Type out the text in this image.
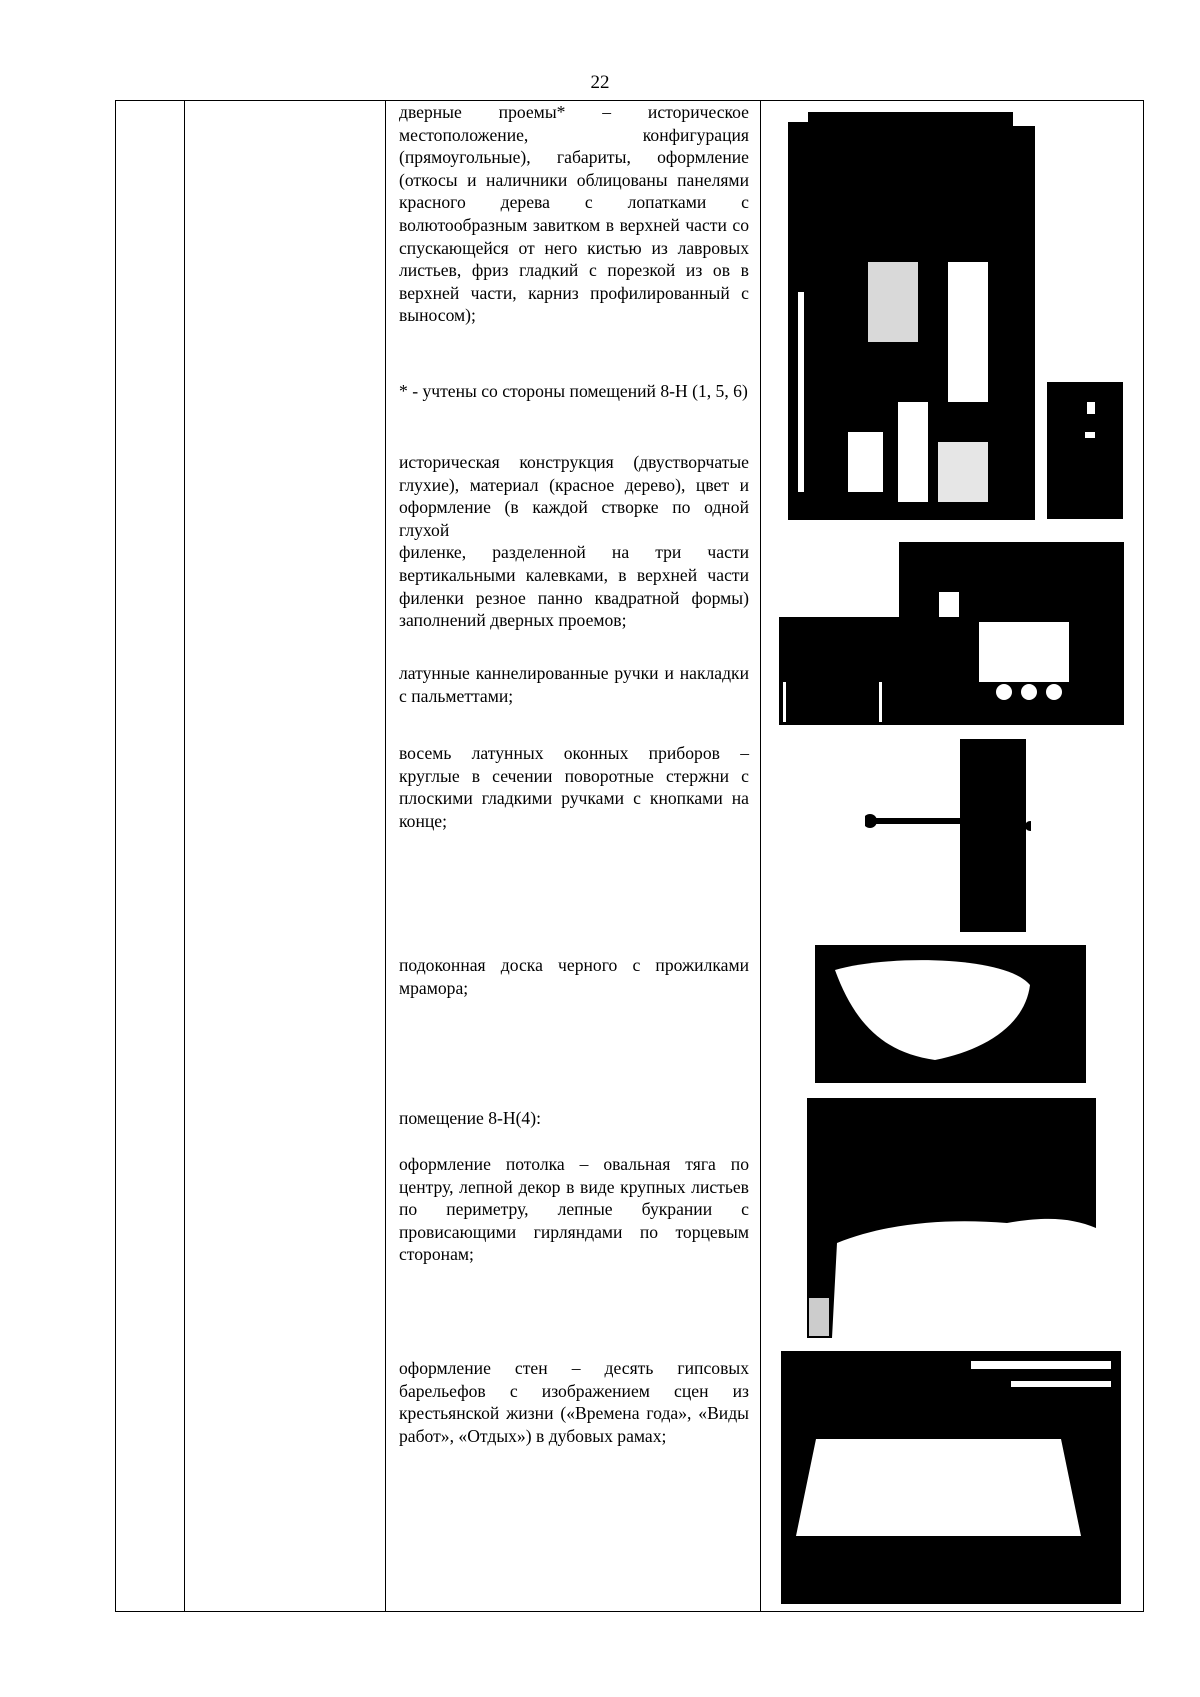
22

дверные проемы* – историческое местоположение, конфигурация (прямоугольные), габариты, оформление (откосы и наличники облицованы панелями красного дерева с лопатками с волютообразным завитком в верхней части со спускающейся от него кистью из лавровых листьев, фриз гладкий с порезкой из ов в верхней части, карниз профилированный с выносом);

* - учтены со стороны помещений 8-Н (1, 5, 6)

историческая конструкция (двустворчатые глухие), материал (красное дерево), цвет и оформление (в каждой створке по одной глухой

филенке, разделенной на три части вертикальными калевками, в верхней части филенки резное панно квадратной формы) заполнений дверных проемов;

латунные каннелированные ручки и накладки с пальметтами;

восемь латунных оконных приборов – круглые в сечении поворотные стержни с плоскими гладкими ручками с кнопками на конце;

подоконная доска черного с прожилками мрамора;

помещение 8-Н(4):

оформление потолка – овальная тяга по центру, лепной декор в виде крупных листьев по периметру, лепные букрании с провисающими гирляндами по торцевым сторонам;

оформление стен – десять гипсовых барельефов с изображением сцен из крестьянской жизни («Времена года», «Виды работ», «Отдых») в дубовых рамах;
